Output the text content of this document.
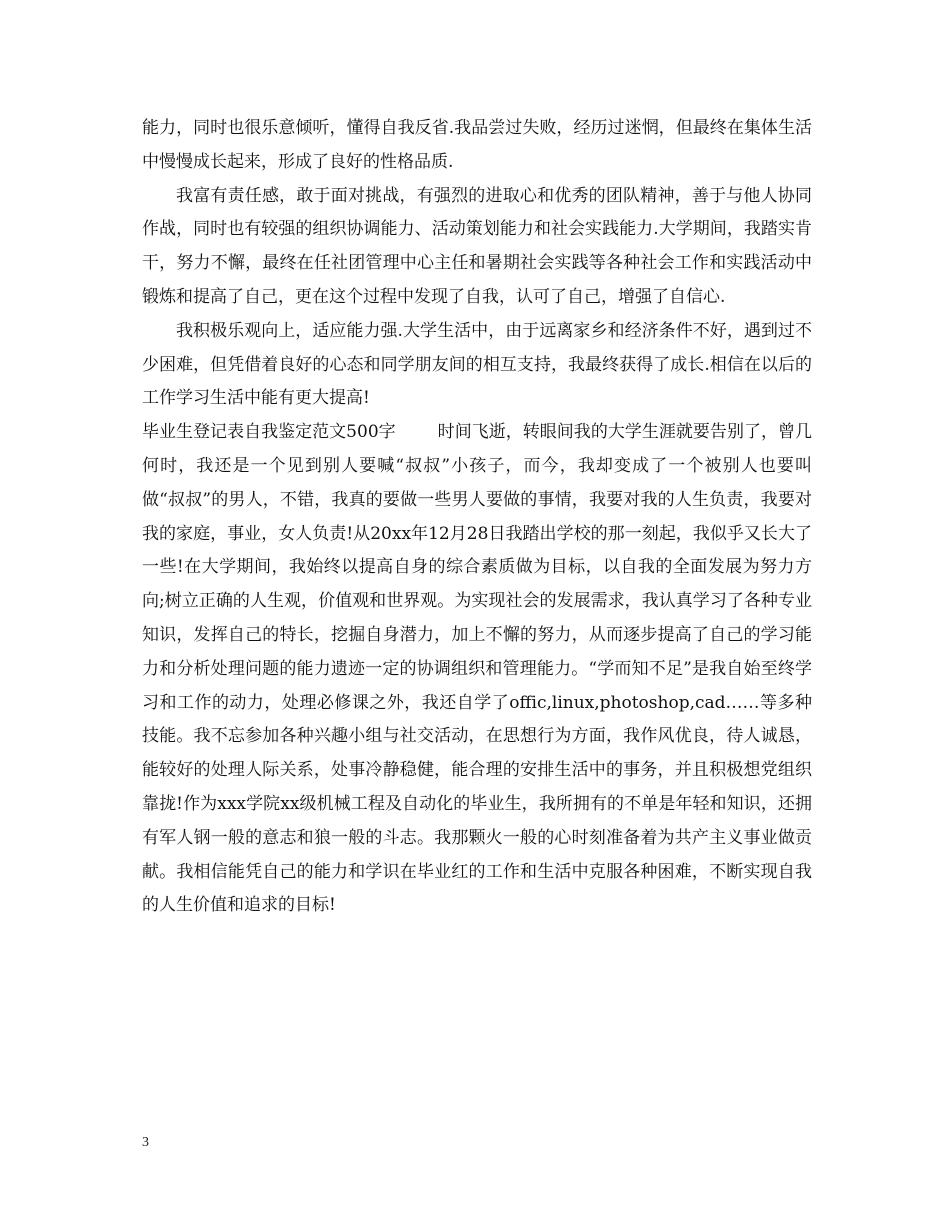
能力，同时也很乐意倾听，懂得自我反省.我品尝过失败，经历过迷惘，但最终在集体生活中慢慢成长起来，形成了良好的性格品质.

我富有责任感，敢于面对挑战，有强烈的进取心和优秀的团队精神，善于与他人协同作战，同时也有较强的组织协调能力、活动策划能力和社会实践能力.大学期间，我踏实肯干，努力不懈，最终在任社团管理中心主任和暑期社会实践等各种社会工作和实践活动中锻炼和提高了自己，更在这个过程中发现了自我，认可了自己，增强了自信心.

我积极乐观向上，适应能力强.大学生活中，由于远离家乡和经济条件不好，遇到过不少困难，但凭借着良好的心态和同学朋友间的相互支持，我最终获得了成长.相信在以后的工作学习生活中能有更大提高!

毕业生登记表自我鉴定范文500字 时间飞逝，转眼间我的大学生涯就要告别了，曾几何时，我还是一个见到别人要喊“叔叔”小孩子，而今，我却变成了一个被别人也要叫做“叔叔”的男人，不错，我真的要做一些男人要做的事情，我要对我的人生负责，我要对我的家庭，事业，女人负责!从20xx年12月28日我踏出学校的那一刻起，我似乎又长大了一些!在大学期间，我始终以提高自身的综合素质做为目标，以自我的全面发展为努力方向;树立正确的人生观，价值观和世界观。为实现社会的发展需求，我认真学习了各种专业知识，发挥自己的特长，挖掘自身潜力，加上不懈的努力，从而逐步提高了自己的学习能力和分析处理问题的能力遗迹一定的协调组织和管理能力。“学而知不足”是我自始至终学习和工作的动力，处理必修课之外，我还自学了offic,linux,photoshop,cad……等多种技能。我不忘参加各种兴趣小组与社交活动，在思想行为方面，我作风优良，待人诚恳，能较好的处理人际关系，处事冷静稳健，能合理的安排生活中的事务，并且积极想党组织靠拢!作为xxx学院xx级机械工程及自动化的毕业生，我所拥有的不单是年轻和知识，还拥有军人钢一般的意志和狼一般的斗志。我那颗火一般的心时刻准备着为共产主义事业做贡献。我相信能凭自己的能力和学识在毕业红的工作和生活中克服各种困难，不断实现自我的人生价值和追求的目标!

3
